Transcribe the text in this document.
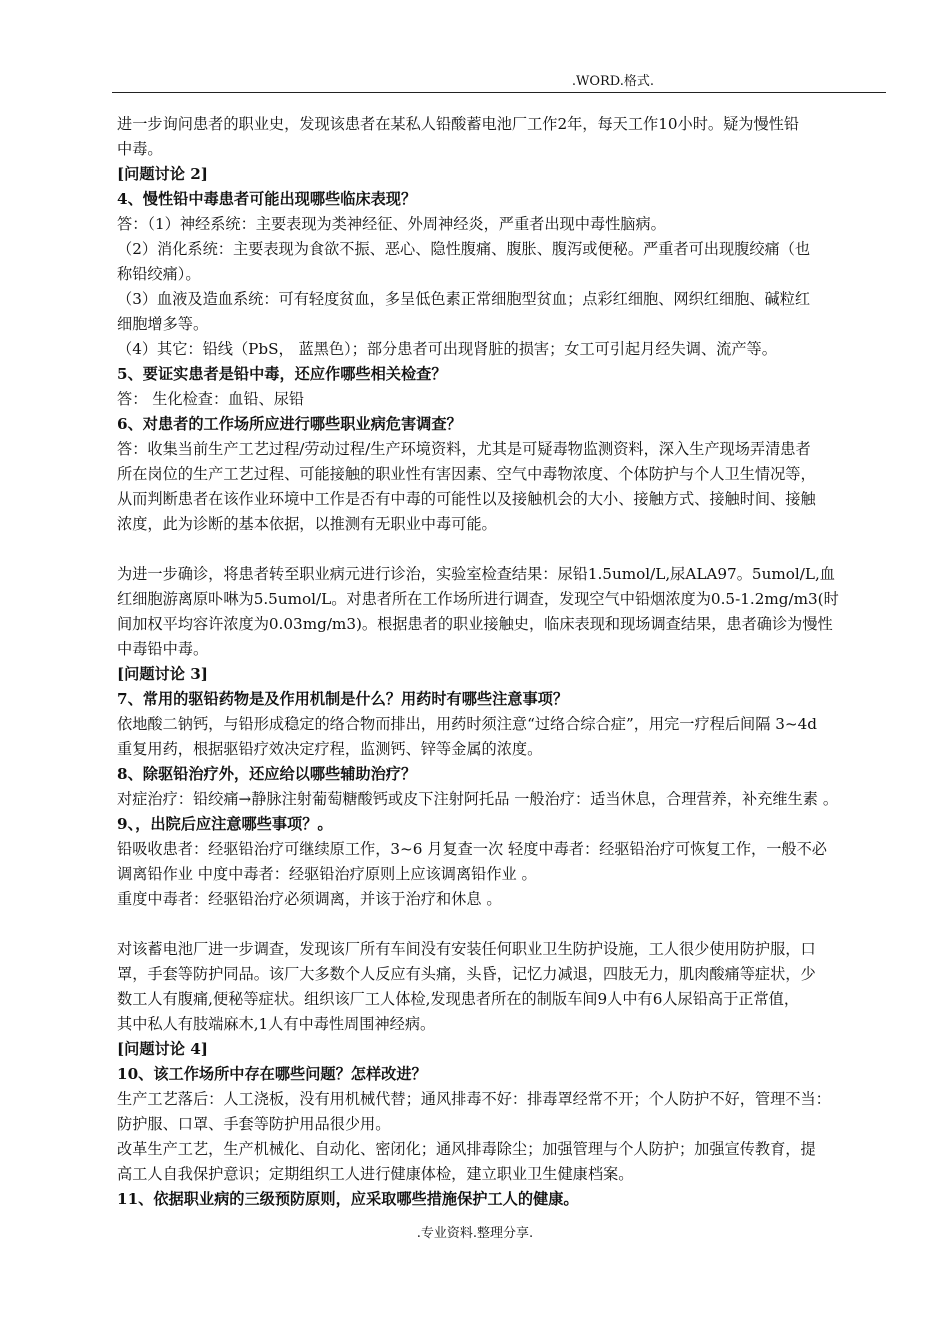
.WORD.格式.
进一步询问患者的职业史，发现该患者在某私人铅酸蓄电池厂工作2年，每天工作10小时。疑为慢性铅
中毒。
[问题讨论 2]
4、慢性铅中毒患者可能出现哪些临床表现？
答：（1）神经系统：主要表现为类神经征、外周神经炎，严重者出现中毒性脑病。
（2）消化系统：主要表现为食欲不振、恶心、隐性腹痛、腹胀、腹泻或便秘。严重者可出现腹绞痛（也
称铅绞痛）。
（3）血液及造血系统：可有轻度贫血，多呈低色素正常细胞型贫血；点彩红细胞、网织红细胞、碱粒红
细胞增多等。
（4）其它：铅线（PbS， 蓝黑色）；部分患者可出现肾脏的损害；女工可引起月经失调、流产等。
5、要证实患者是铅中毒，还应作哪些相关检查？
答： 生化检查：血铅、尿铅
6、对患者的工作场所应进行哪些职业病危害调查？
答：收集当前生产工艺过程/劳动过程/生产环境资料，尤其是可疑毒物监测资料，深入生产现场弄清患者
所在岗位的生产工艺过程、可能接触的职业性有害因素、空气中毒物浓度、个体防护与个人卫生情况等，
从而判断患者在该作业环境中工作是否有中毒的可能性以及接触机会的大小、接触方式、接触时间、接触
浓度，此为诊断的基本依据，以推测有无职业中毒可能。
为进一步确诊，将患者转至职业病元进行诊治，实验室检查结果：尿铅1.5umol/L,尿ALA97。5umol/L,血
红细胞游离原卟啉为5.5umol/L。对患者所在工作场所进行调查，发现空气中铅烟浓度为0.5-1.2mg/m3(时
间加权平均容许浓度为0.03mg/m3)。根据患者的职业接触史，临床表现和现场调查结果，患者确诊为慢性
中毒铅中毒。
[问题讨论 3]
7、常用的驱铅药物是及作用机制是什么？用药时有哪些注意事项？
依地酸二钠钙，与铅形成稳定的络合物而排出，用药时须注意“过络合综合症”，用完一疗程后间隔 3~4d
重复用药，根据驱铅疗效决定疗程，监测钙、锌等金属的浓度。
8、除驱铅治疗外，还应给以哪些辅助治疗？
对症治疗：铅绞痛→静脉注射葡萄糖酸钙或皮下注射阿托品 一般治疗：适当休息，合理营养，补充维生素 。
9、，出院后应注意哪些事项？。
铅吸收患者：经驱铅治疗可继续原工作，3~6 月复查一次 轻度中毒者：经驱铅治疗可恢复工作，一般不必
调离铅作业 中度中毒者：经驱铅治疗原则上应该调离铅作业 。
重度中毒者：经驱铅治疗必须调离，并该于治疗和休息 。
对该蓄电池厂进一步调查，发现该厂所有车间没有安装任何职业卫生防护设施，工人很少使用防护服，口
罩，手套等防护同品。该厂大多数个人反应有头痛，头昏，记忆力减退，四肢无力，肌肉酸痛等症状，少
数工人有腹痛,便秘等症状。组织该厂工人体检,发现患者所在的制版车间9人中有6人尿铅高于正常值，
其中私人有肢端麻木,1人有中毒性周围神经病。
[问题讨论 4]
10、该工作场所中存在哪些问题？怎样改进？
生产工艺落后：人工浇板，没有用机械代替；通风排毒不好：排毒罩经常不开；个人防护不好，管理不当：
防护服、口罩、手套等防护用品很少用。
改革生产工艺，生产机械化、自动化、密闭化；通风排毒除尘；加强管理与个人防护；加强宣传教育，提
高工人自我保护意识；定期组织工人进行健康体检，建立职业卫生健康档案。
11、依据职业病的三级预防原则，应采取哪些措施保护工人的健康。
.专业资料.整理分享.
